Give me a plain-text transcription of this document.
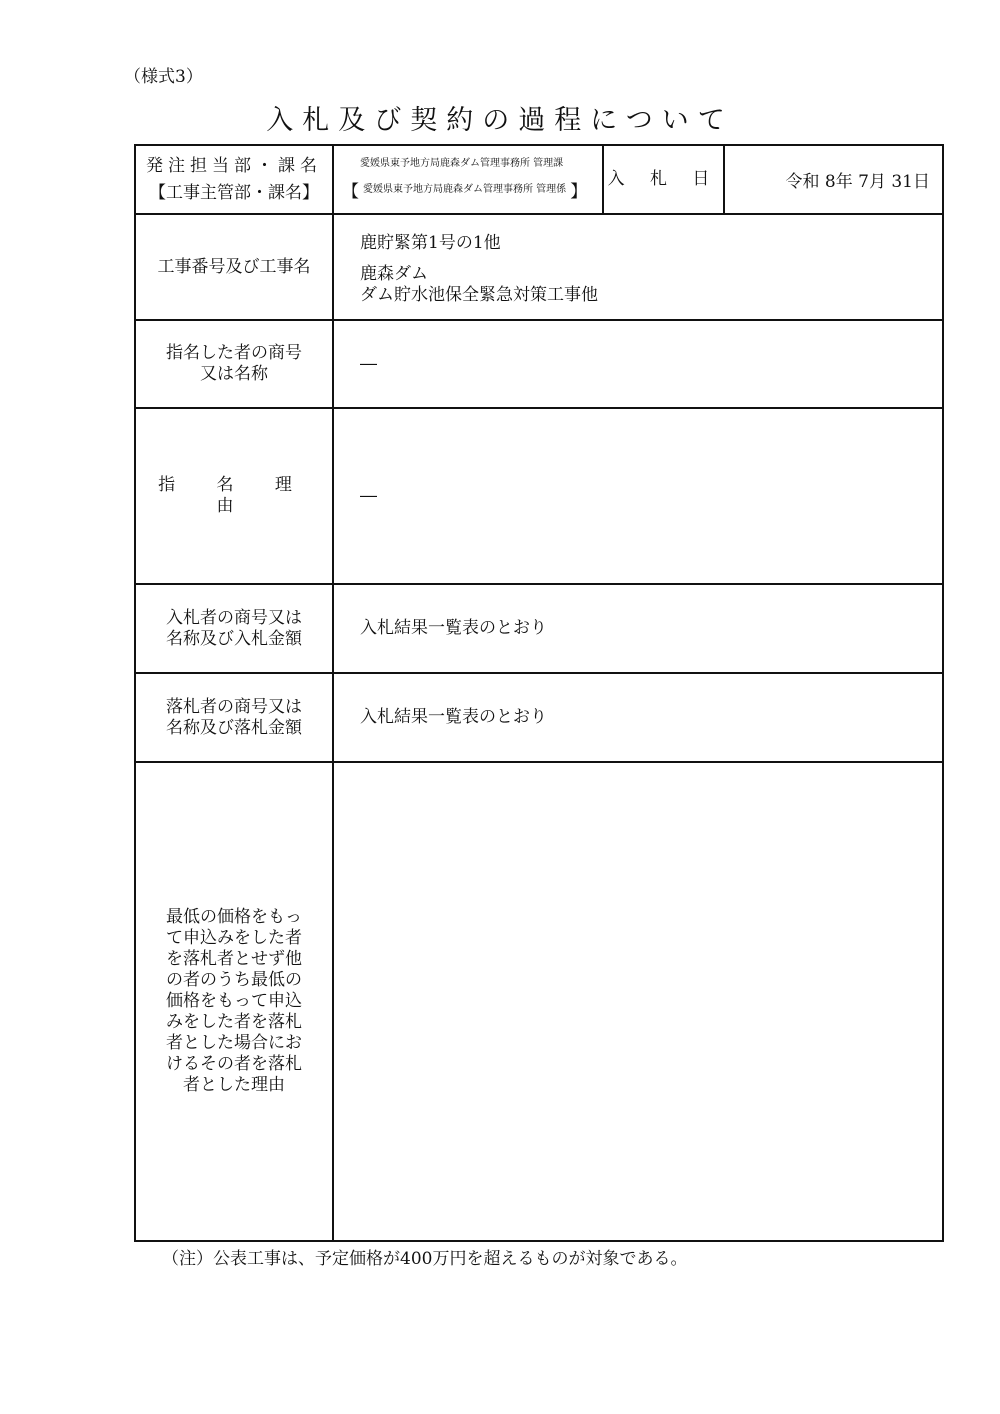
（様式3）
入札及び契約の過程について
発注担当部・課名
【工事主管部・課名】
愛媛県東予地方局鹿森ダム管理事務所 管理課
【 愛媛県東予地方局鹿森ダム管理事務所 管理係 】
入 札 日	令和 8年 7月 31日
工事番号及び工事名
鹿貯緊第1号の1他
鹿森ダム
ダム貯水池保全緊急対策工事他
指名した者の商号
又は名称
―
指 名 理 由
―
入札者の商号又は
名称及び入札金額
入札結果一覧表のとおり
落札者の商号又は
名称及び落札金額
入札結果一覧表のとおり
最低の価格をもっ
て申込みをした者
を落札者とせず他
の者のうち最低の
価格をもって申込
みをした者を落札
者とした場合にお
けるその者を落札
者とした理由
（注）公表工事は、予定価格が400万円を超えるものが対象である。
